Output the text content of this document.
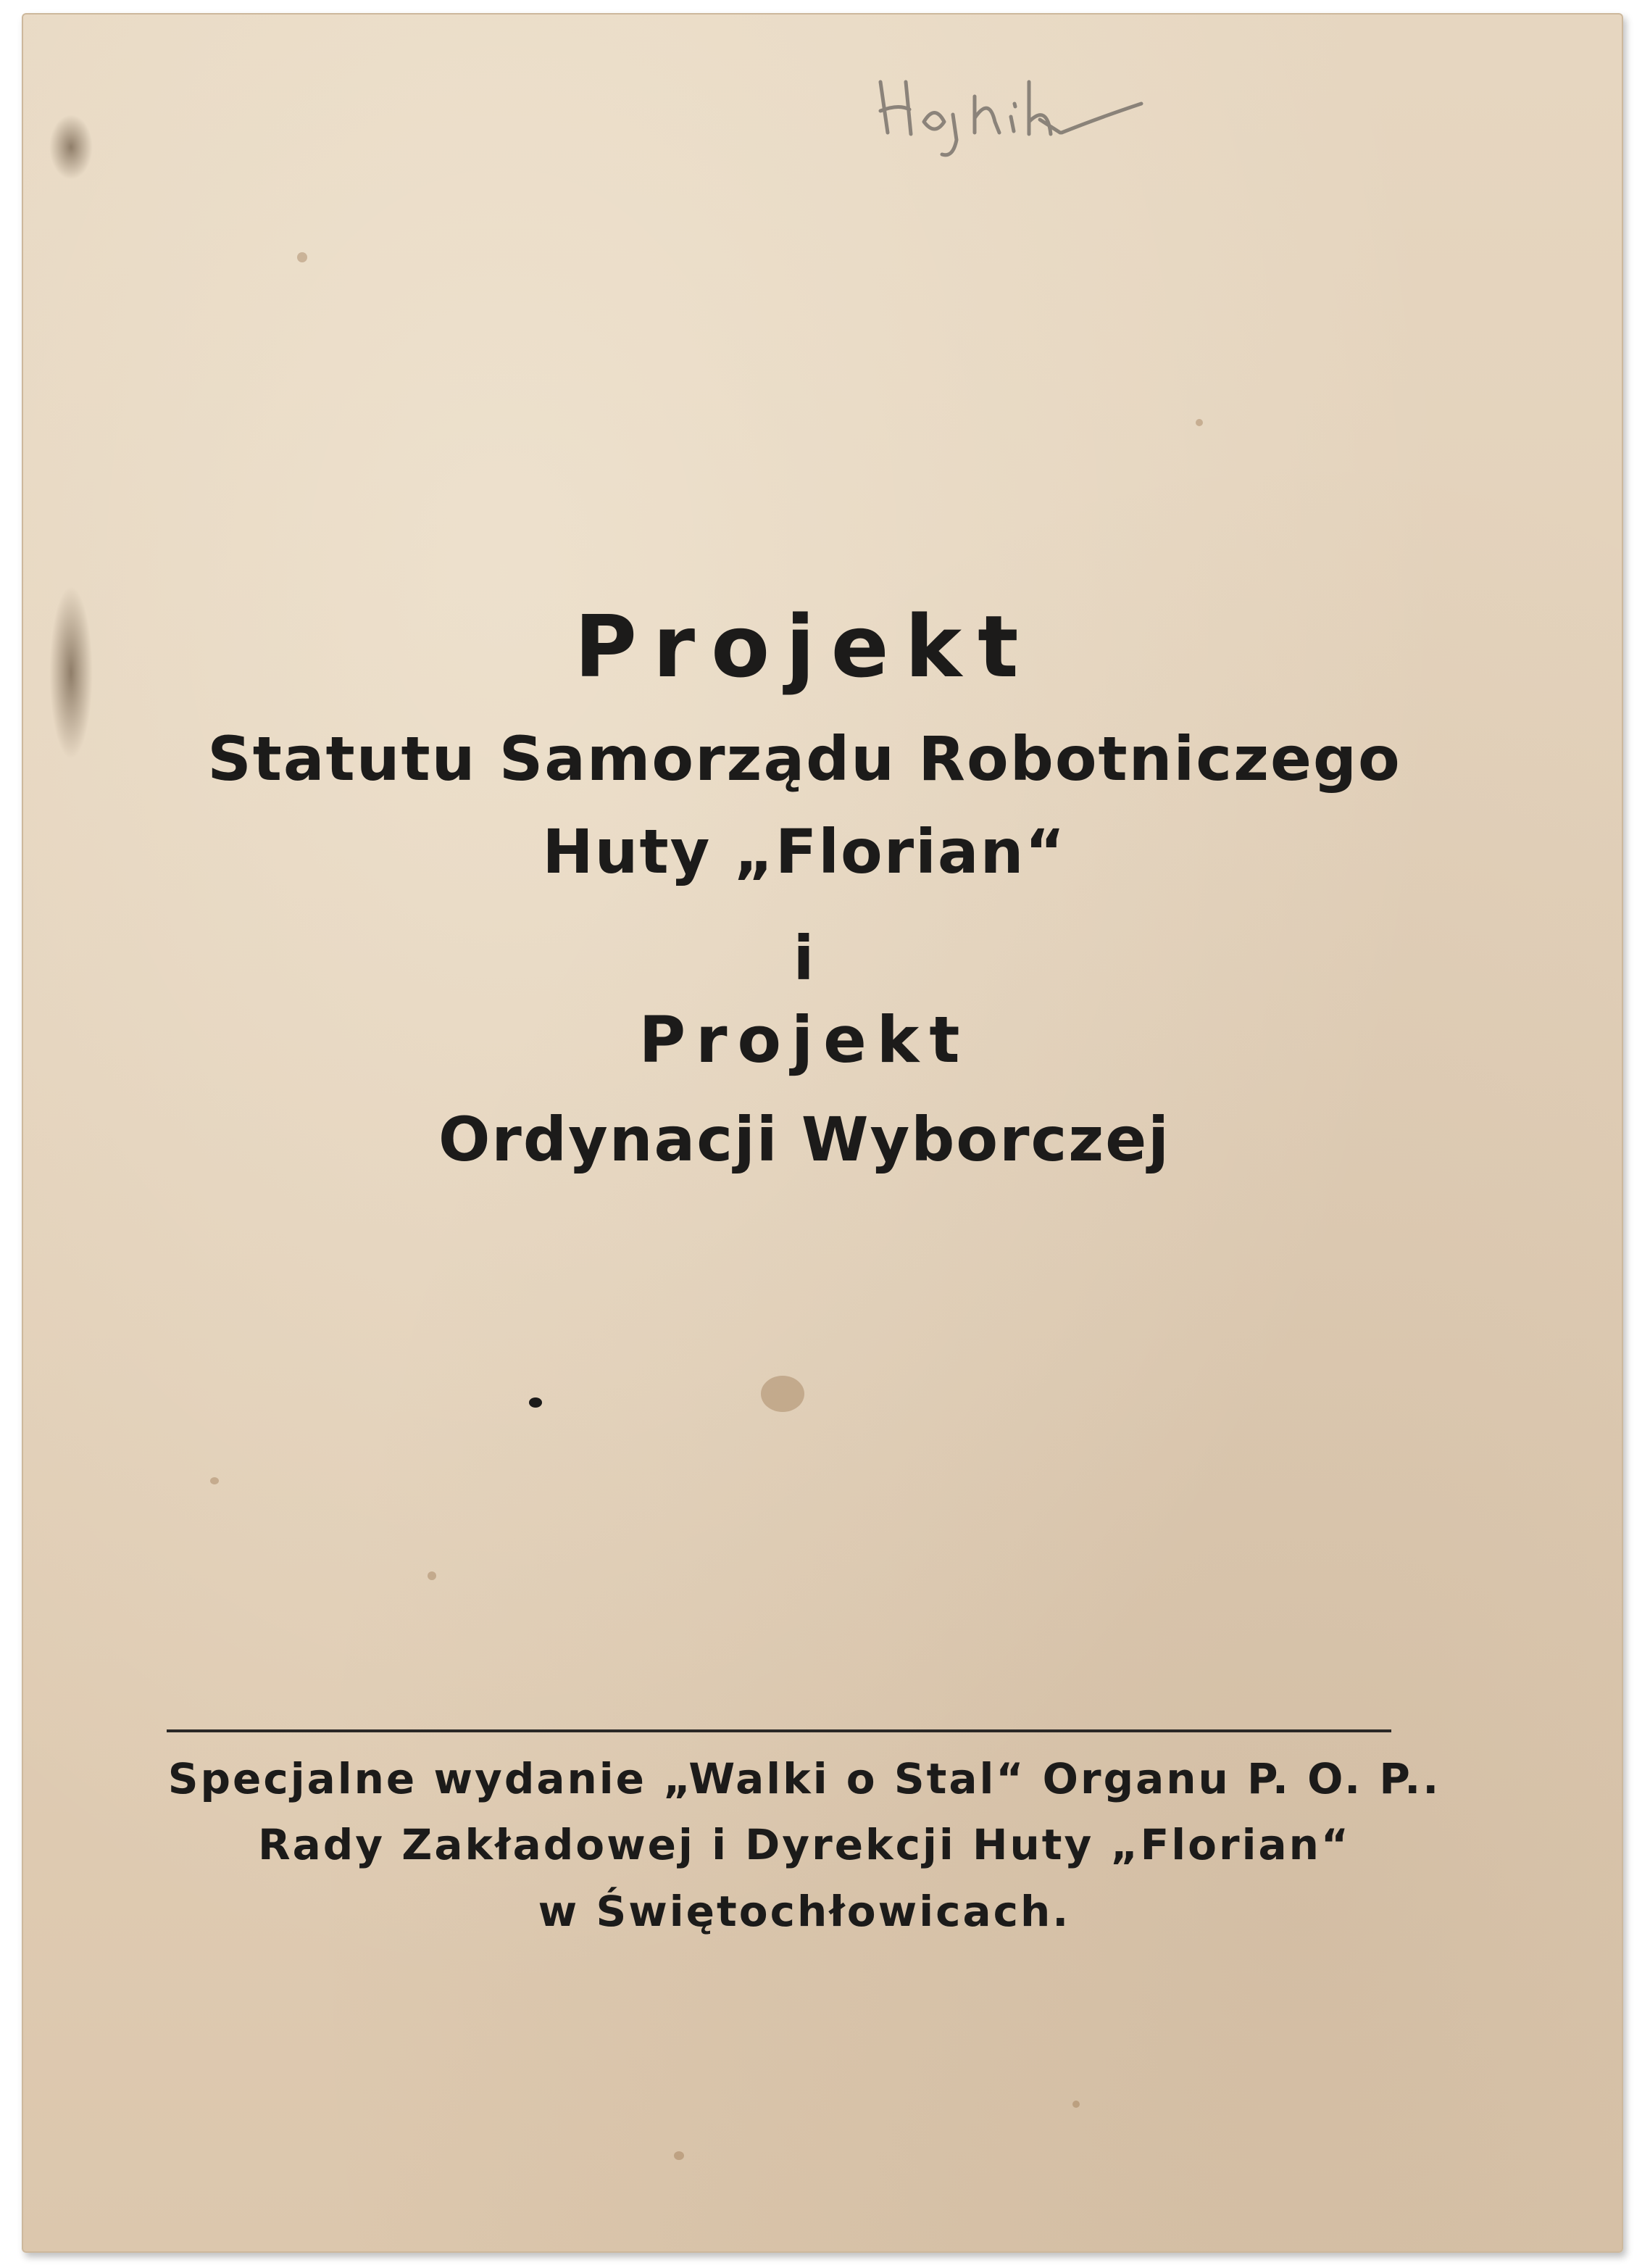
Projekt

Statutu Samorządu Robotniczego

Huty „Florian“

i

Projekt

Ordynacji Wyborczej

Specjalne wydanie „Walki o Stal“ Organu P. O. P..

Rady Zakładowej i Dyrekcji Huty „Florian“

w Świętochłowicach.
